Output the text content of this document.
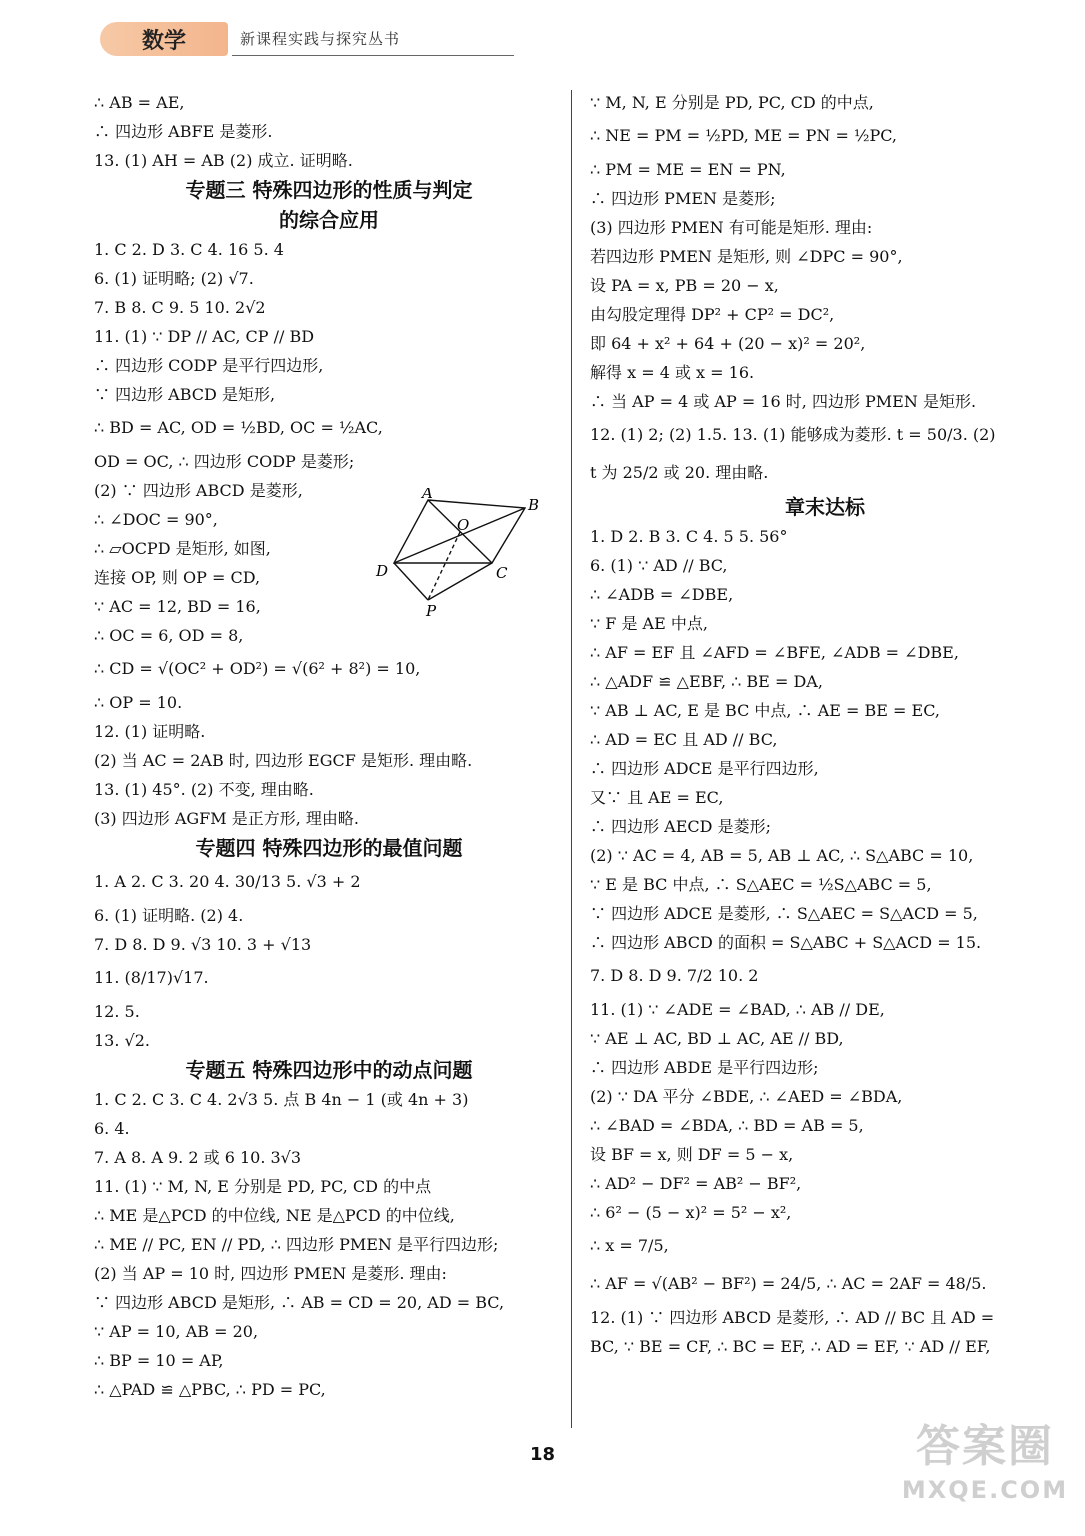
数学	新课程实践与探究丛书
∴ AB = AE,
∴ 四边形 ABFE 是菱形.
13. (1) AH = AB (2) 成立. 证明略.
专题三 特殊四边形的性质与判定
的综合应用
1. C 2. D 3. C 4. 16 5. 4
6. (1) 证明略; (2) √7.
7. B 8. C 9. 5 10. 2√2
11. (1) ∵ DP // AC, CP // BD
∴ 四边形 CODP 是平行四边形,
∵ 四边形 ABCD 是矩形,
∴ BD = AC, OD = ½BD, OC = ½AC,
OD = OC, ∴ 四边形 CODP 是菱形;
(2) ∵ 四边形 ABCD 是菱形,
∴ ∠DOC = 90°,
∴ ▱OCPD 是矩形, 如图,
连接 OP, 则 OP = CD,
∵ AC = 12, BD = 16,
∴ OC = 6, OD = 8,
∴ CD = √(OC² + OD²) = √(6² + 8²) = 10,
∴ OP = 10.
12. (1) 证明略.
(2) 当 AC = 2AB 时, 四边形 EGCF 是矩形. 理由略.
13. (1) 45°. (2) 不变, 理由略.
(3) 四边形 AGFM 是正方形, 理由略.
专题四 特殊四边形的最值问题
1. A 2. C 3. 20 4. 30/13 5. √3 + 2
6. (1) 证明略. (2) 4.
7. D 8. D 9. √3 10. 3 + √13
11. (8/17)√17.
12. 5.
13. √2.
专题五 特殊四边形中的动点问题
1. C 2. C 3. C 4. 2√3 5. 点 B 4n − 1 (或 4n + 3)
6. 4.
7. A 8. A 9. 2 或 6 10. 3√3
11. (1) ∵ M, N, E 分别是 PD, PC, CD 的中点
∴ ME 是△PCD 的中位线, NE 是△PCD 的中位线,
∴ ME // PC, EN // PD, ∴ 四边形 PMEN 是平行四边形;
(2) 当 AP = 10 时, 四边形 PMEN 是菱形. 理由:
∵ 四边形 ABCD 是矩形, ∴ AB = CD = 20, AD = BC,
∵ AP = 10, AB = 20,
∴ BP = 10 = AP,
∴ △PAD ≌ △PBC, ∴ PD = PC,
A
B
C
D
O
P
∵ M, N, E 分别是 PD, PC, CD 的中点,
∴ NE = PM = ½PD, ME = PN = ½PC,
∴ PM = ME = EN = PN,
∴ 四边形 PMEN 是菱形;
(3) 四边形 PMEN 有可能是矩形. 理由:
若四边形 PMEN 是矩形, 则 ∠DPC = 90°,
设 PA = x, PB = 20 − x,
由勾股定理得 DP² + CP² = DC²,
即 64 + x² + 64 + (20 − x)² = 20²,
解得 x = 4 或 x = 16.
∴ 当 AP = 4 或 AP = 16 时, 四边形 PMEN 是矩形.
12. (1) 2; (2) 1.5. 13. (1) 能够成为菱形. t = 50/3. (2)
t 为 25/2 或 20. 理由略.
章末达标
1. D 2. B 3. C 4. 5 5. 56°
6. (1) ∵ AD // BC,
∴ ∠ADB = ∠DBE,
∵ F 是 AE 中点,
∴ AF = EF 且 ∠AFD = ∠BFE, ∠ADB = ∠DBE,
∴ △ADF ≌ △EBF, ∴ BE = DA,
∵ AB ⊥ AC, E 是 BC 中点, ∴ AE = BE = EC,
∴ AD = EC 且 AD // BC,
∴ 四边形 ADCE 是平行四边形,
又∵ 且 AE = EC,
∴ 四边形 AECD 是菱形;
(2) ∵ AC = 4, AB = 5, AB ⊥ AC, ∴ S△ABC = 10,
∵ E 是 BC 中点, ∴ S△AEC = ½S△ABC = 5,
∵ 四边形 ADCE 是菱形, ∴ S△AEC = S△ACD = 5,
∴ 四边形 ABCD 的面积 = S△ABC + S△ACD = 15.
7. D 8. D 9. 7/2 10. 2
11. (1) ∵ ∠ADE = ∠BAD, ∴ AB // DE,
∵ AE ⊥ AC, BD ⊥ AC, AE // BD,
∴ 四边形 ABDE 是平行四边形;
(2) ∵ DA 平分 ∠BDE, ∴ ∠AED = ∠BDA,
∴ ∠BAD = ∠BDA, ∴ BD = AB = 5,
设 BF = x, 则 DF = 5 − x,
∴ AD² − DF² = AB² − BF²,
∴ 6² − (5 − x)² = 5² − x²,
∴ x = 7/5,
∴ AF = √(AB² − BF²) = 24/5, ∴ AC = 2AF = 48/5.
12. (1) ∵ 四边形 ABCD 是菱形, ∴ AD // BC 且 AD =
BC, ∵ BE = CF, ∴ BC = EF, ∴ AD = EF, ∵ AD // EF,
18	答案圈
MXQE.COM
